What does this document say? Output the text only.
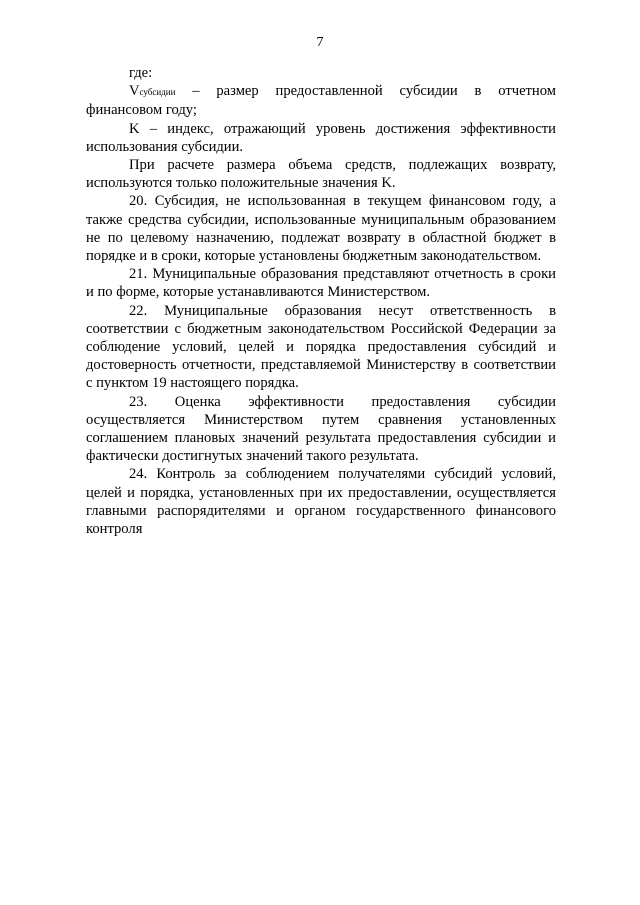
7

где:

Vсубсидии – размер предоставленной субсидии в отчетном финансовом году;

K – индекс, отражающий уровень достижения эффективности использования субсидии.

При расчете размера объема средств, подлежащих возврату, используются только положительные значения K.

20. Субсидия, не использованная в текущем финансовом году, а также средства субсидии, использованные муниципальным образованием не по целевому назначению, подлежат возврату в областной бюджет в порядке и в сроки, которые установлены бюджетным законодательством.

21. Муниципальные образования представляют отчетность в сроки и по форме, которые устанавливаются Министерством.

22. Муниципальные образования несут ответственность в соответствии с бюджетным законодательством Российской Федерации за соблюдение условий, целей и порядка предоставления субсидий и достоверность отчетности, представляемой Министерству в соответствии с пунктом 19 настоящего порядка.

23. Оценка эффективности предоставления субсидии осуществляется Министерством путем сравнения установленных соглашением плановых значений результата предоставления субсидии и фактически достигнутых значений такого результата.

24. Контроль за соблюдением получателями субсидий условий, целей и порядка, установленных при их предоставлении, осуществляется главными распорядителями и органом государственного финансового контроля
